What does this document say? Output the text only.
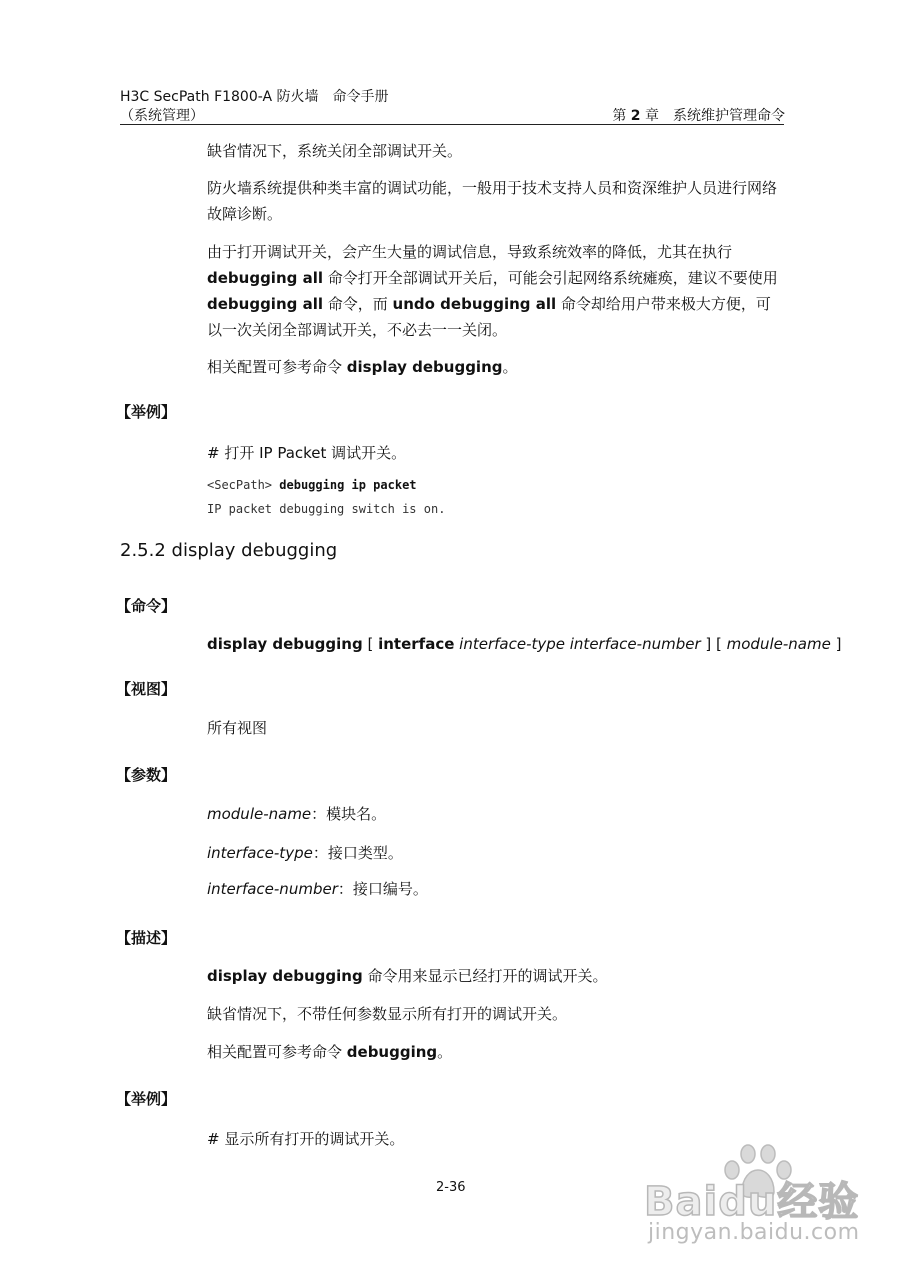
H3C SecPath F1800-A 防火墙　命令手册
（系统管理）	第 2 章　系统维护管理命令
缺省情况下，系统关闭全部调试开关。
防火墙系统提供种类丰富的调试功能，一般用于技术支持人员和资深维护人员进行网络故障诊断。
由于打开调试开关，会产生大量的调试信息，导致系统效率的降低，尤其在执行debugging all 命令打开全部调试开关后，可能会引起网络系统瘫痪，建议不要使用debugging all 命令，而 undo debugging all 命令却给用户带来极大方便，可以一次关闭全部调试开关，不必去一一关闭。
相关配置可参考命令 display debugging。
【举例】
# 打开 IP Packet 调试开关。
<SecPath> debugging ip packet
IP packet debugging switch is on.
2.5.2 display debugging
【命令】
display debugging [ interface interface-type interface-number ] [ module-name ]
【视图】
所有视图
【参数】
module-name：模块名。
interface-type：接口类型。
interface-number：接口编号。
【描述】
display debugging 命令用来显示已经打开的调试开关。
缺省情况下，不带任何参数显示所有打开的调试开关。
相关配置可参考命令 debugging。
【举例】
# 显示所有打开的调试开关。
2-36	Baidu经验
jingyan.baidu.com
